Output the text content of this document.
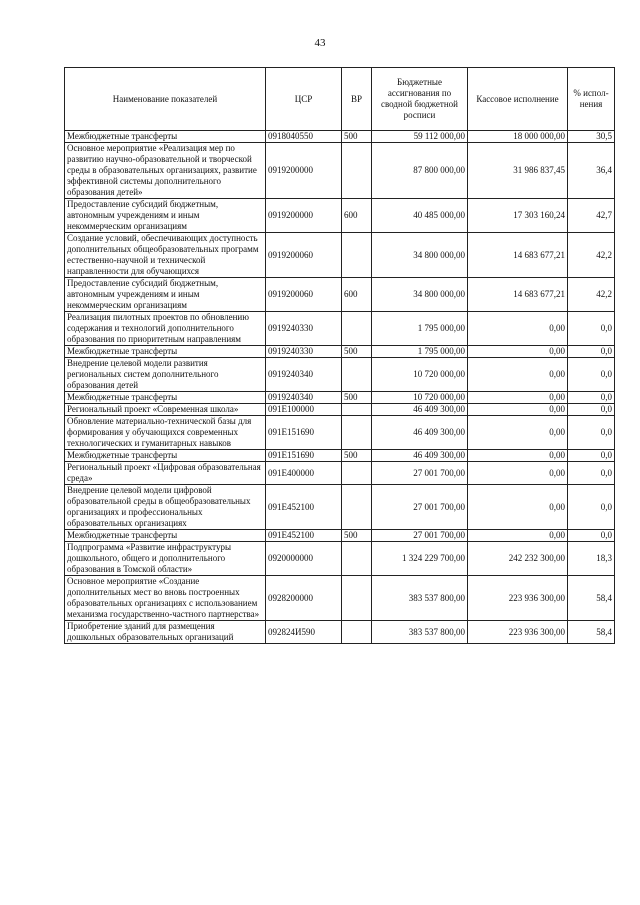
43
Наименование показателей	ЦСР	ВР	Бюджетные ассигнования по сводной бюджетной росписи	Кассовое исполнение	% испол-нения
Межбюджетные трансферты	0918040550	500	59 112 000,00	18 000 000,00	30,5
Основное мероприятие «Реализация мер по развитию научно-образовательной и творческой среды в образовательных организациях, развитие эффективной системы дополнительного образования детей»	0919200000		87 800 000,00	31 986 837,45	36,4
Предоставление субсидий бюджетным, автономным учреждениям и иным некоммерческим организациям	0919200000	600	40 485 000,00	17 303 160,24	42,7
Создание условий, обеспечивающих доступность дополнительных общеобразовательных программ естественно-научной и технической направленности для обучающихся	0919200060		34 800 000,00	14 683 677,21	42,2
Предоставление субсидий бюджетным, автономным учреждениям и иным некоммерческим организациям	0919200060	600	34 800 000,00	14 683 677,21	42,2
Реализация пилотных проектов по обновлению содержания и технологий дополнительного образования по приоритетным направлениям	0919240330		1 795 000,00	0,00	0,0
Межбюджетные трансферты	0919240330	500	1 795 000,00	0,00	0,0
Внедрение целевой модели развития региональных систем дополнительного образования детей	0919240340		10 720 000,00	0,00	0,0
Межбюджетные трансферты	0919240340	500	10 720 000,00	0,00	0,0
Региональный проект «Современная школа»	091E100000		46 409 300,00	0,00	0,0
Обновление материально-технической базы для формирования у обучающихся современных технологических и гуманитарных навыков	091E151690		46 409 300,00	0,00	0,0
Межбюджетные трансферты	091E151690	500	46 409 300,00	0,00	0,0
Региональный проект «Цифровая образовательная среда»	091E400000		27 001 700,00	0,00	0,0
Внедрение целевой модели цифровой образовательной среды в общеобразовательных организациях и профессиональных образовательных организациях	091E452100		27 001 700,00	0,00	0,0
Межбюджетные трансферты	091E452100	500	27 001 700,00	0,00	0,0
Подпрограмма «Развитие инфраструктуры дошкольного, общего и дополнительного образования в Томской области»	0920000000		1 324 229 700,00	242 232 300,00	18,3
Основное мероприятие «Создание дополнительных мест во вновь построенных образовательных организациях с использованием механизма государственно-частного партнерства»	0928200000		383 537 800,00	223 936 300,00	58,4
Приобретение зданий для размещения дошкольных образовательных организаций	092824И590		383 537 800,00	223 936 300,00	58,4
